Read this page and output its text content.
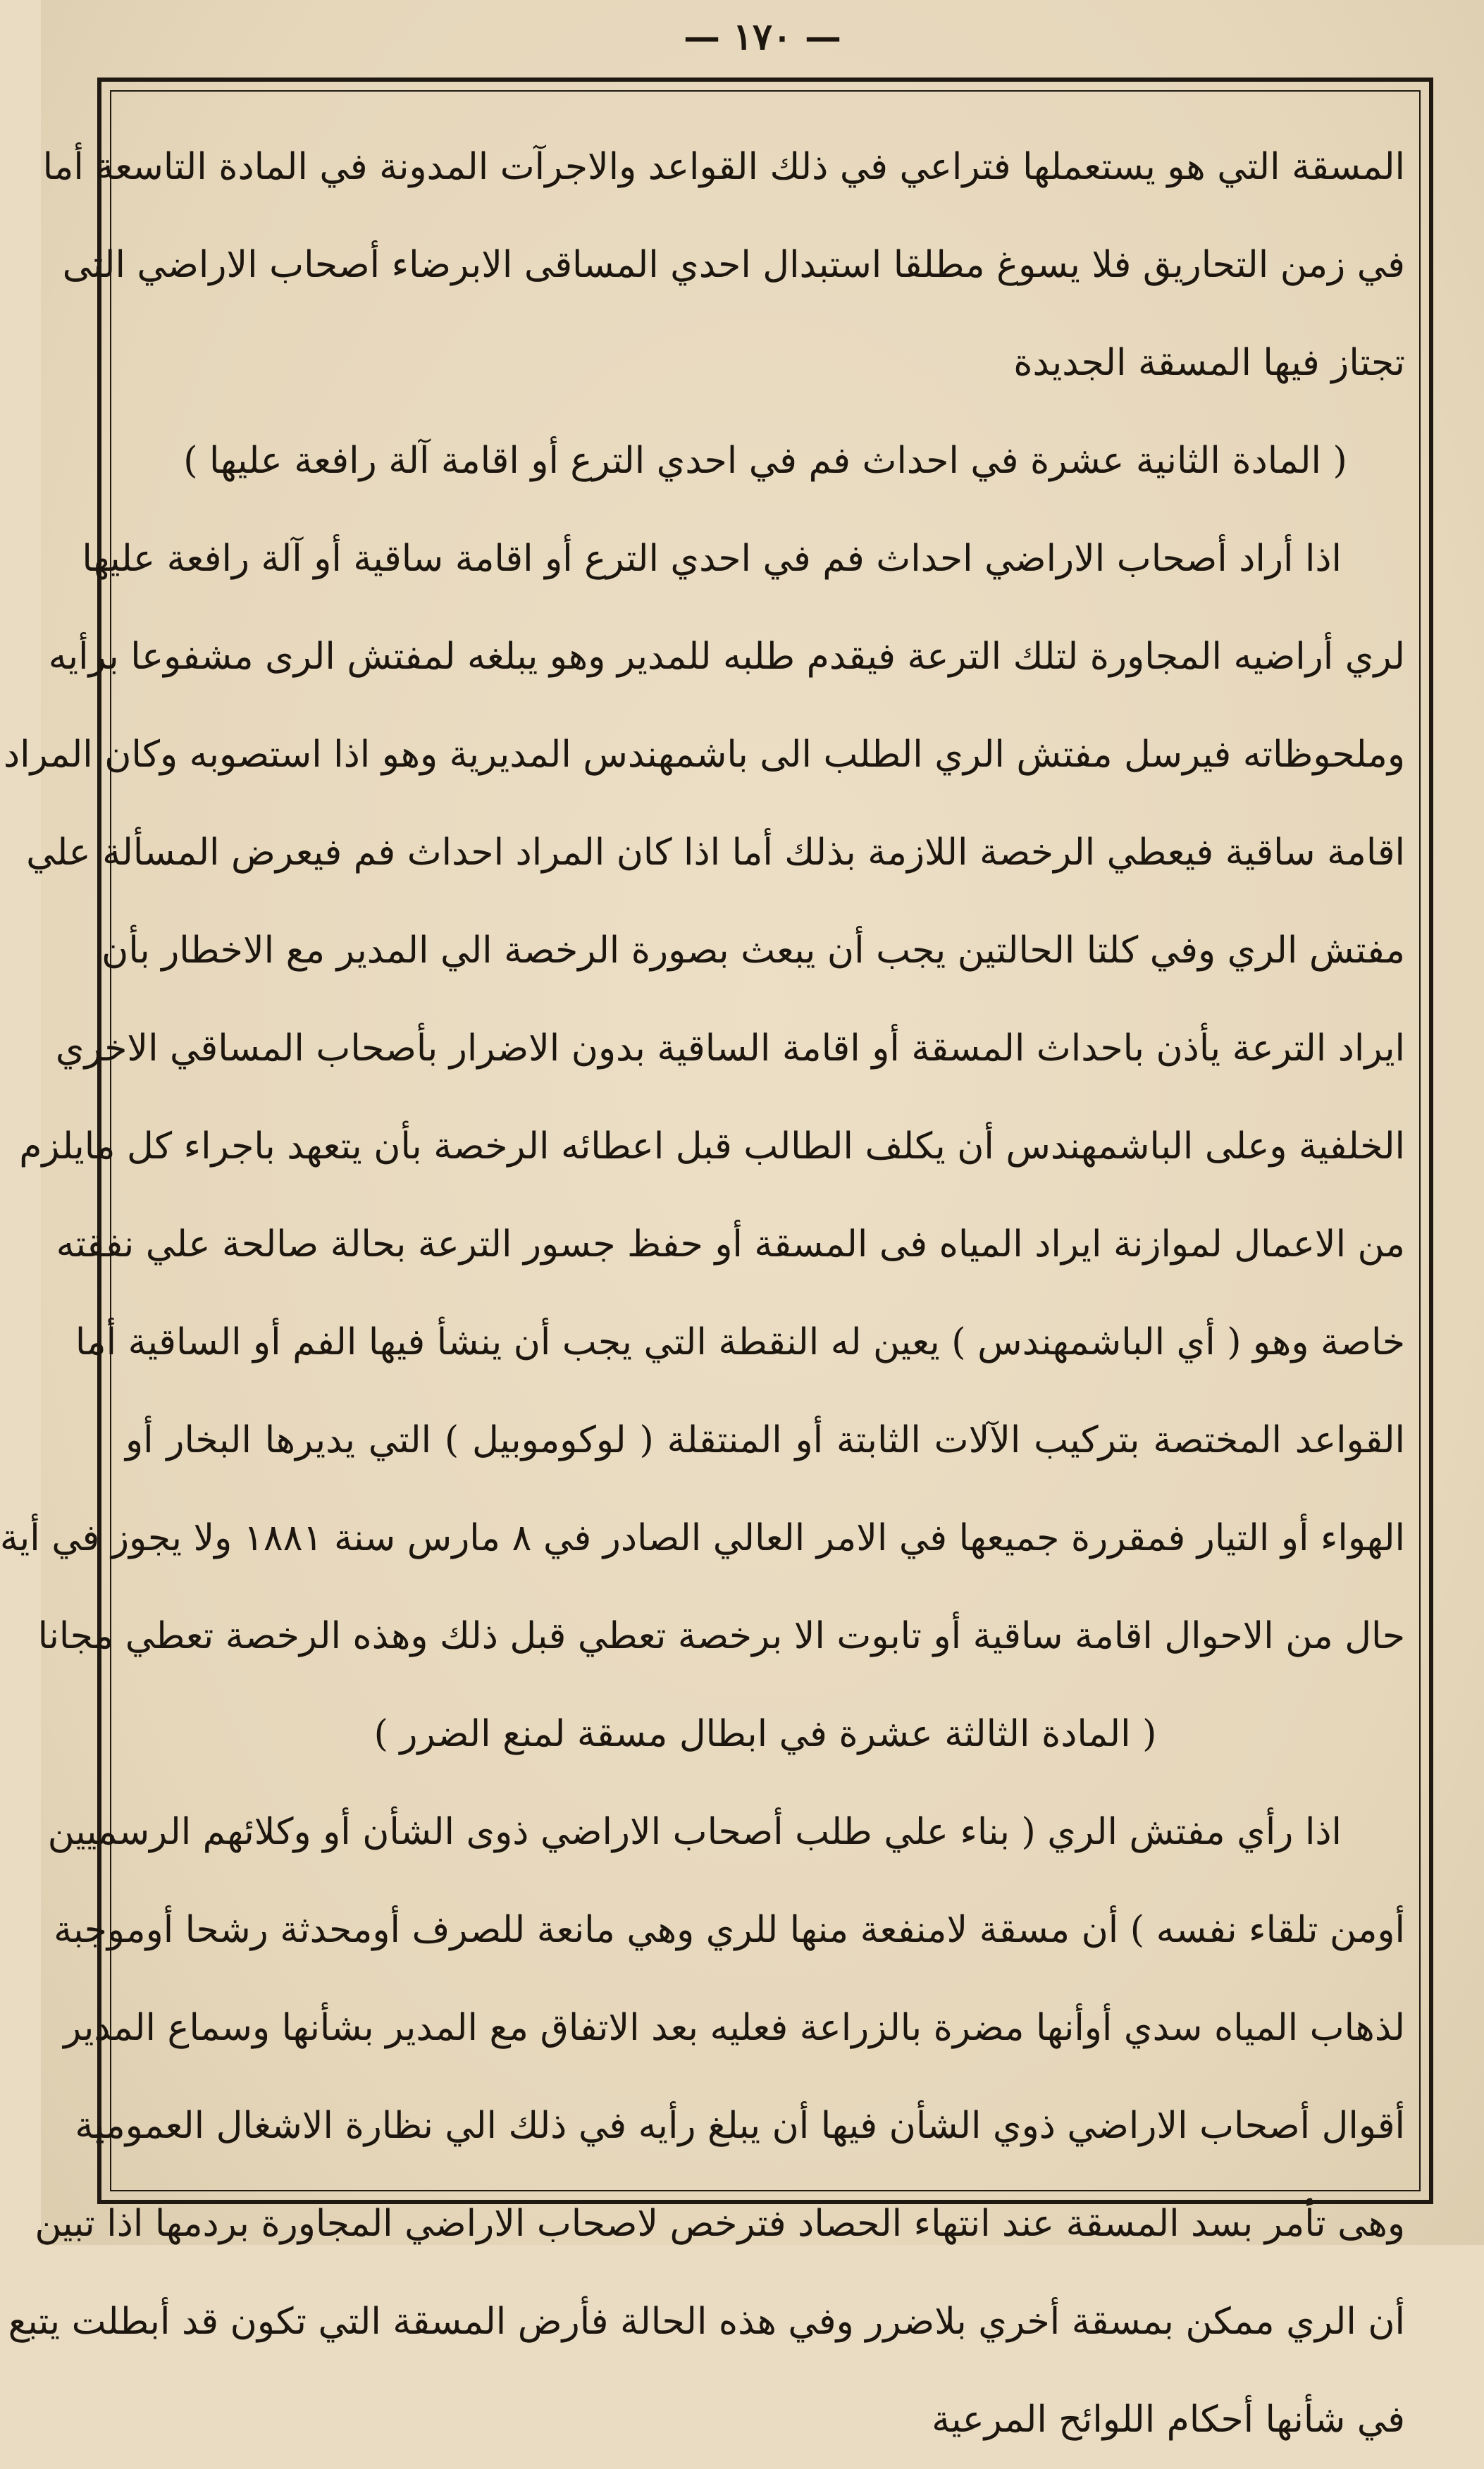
— ١٧٠ —
المسقة التي هو يستعملها فتراعي في ذلك القواعد والاجرآت المدونة في المادة التاسعة أما
في زمن التحاريق فلا يسوغ مطلقا استبدال احدي المساقى الابرضاء أصحاب الاراضي التى
تجتاز فيها المسقة الجديدة
( المادة الثانية عشرة في احداث فم في احدي الترع أو اقامة آلة رافعة عليها )
اذا أراد أصحاب الاراضي احداث فم في احدي الترع أو اقامة ساقية أو آلة رافعة عليها
لري أراضيه المجاورة لتلك الترعة فيقدم طلبه للمدير وهو يبلغه لمفتش الرى مشفوعا برأيه
وملحوظاته فيرسل مفتش الري الطلب الى باشمهندس المديرية وهو اذا استصوبه وكان المراد
اقامة ساقية فيعطي الرخصة اللازمة بذلك أما اذا كان المراد احداث فم فيعرض المسألة علي
مفتش الري وفي كلتا الحالتين يجب أن يبعث بصورة الرخصة الي المدير مع الاخطار بأن
ايراد الترعة يأذن باحداث المسقة أو اقامة الساقية بدون الاضرار بأصحاب المساقي الاخري
الخلفية وعلى الباشمهندس أن يكلف الطالب قبل اعطائه الرخصة بأن يتعهد باجراء كل مايلزم
من الاعمال لموازنة ايراد المياه فى المسقة أو حفظ جسور الترعة بحالة صالحة علي نفقته
خاصة وهو ( أي الباشمهندس ) يعين له النقطة التي يجب أن ينشأ فيها الفم أو الساقية أما
القواعد المختصة بتركيب الآلات الثابتة أو المنتقلة ( لوكوموبيل ) التي يديرها البخار أو
الهواء أو التيار فمقررة جميعها في الامر العالي الصادر في ٨ مارس سنة ١٨٨١ ولا يجوز في أية
حال من الاحوال اقامة ساقية أو تابوت الا برخصة تعطي قبل ذلك وهذه الرخصة تعطي مجانا
( المادة الثالثة عشرة في ابطال مسقة لمنع الضرر )
اذا رأي مفتش الري ( بناء علي طلب أصحاب الاراضي ذوى الشأن أو وكلائهم الرسميين
أومن تلقاء نفسه ) أن مسقة لامنفعة منها للري وهي مانعة للصرف أومحدثة رشحا أوموجبة
لذهاب المياه سدي أوأنها مضرة بالزراعة فعليه بعد الاتفاق مع المدير بشأنها وسماع المدير
أقوال أصحاب الاراضي ذوي الشأن فيها أن يبلغ رأيه في ذلك الي نظارة الاشغال العمومية
وهى تأمر بسد المسقة عند انتهاء الحصاد فترخص لاصحاب الاراضي المجاورة بردمها اذا تبين
أن الري ممكن بمسقة أخري بلاضرر وفي هذه الحالة فأرض المسقة التي تكون قد أبطلت يتبع
في شأنها أحكام اللوائح المرعية
